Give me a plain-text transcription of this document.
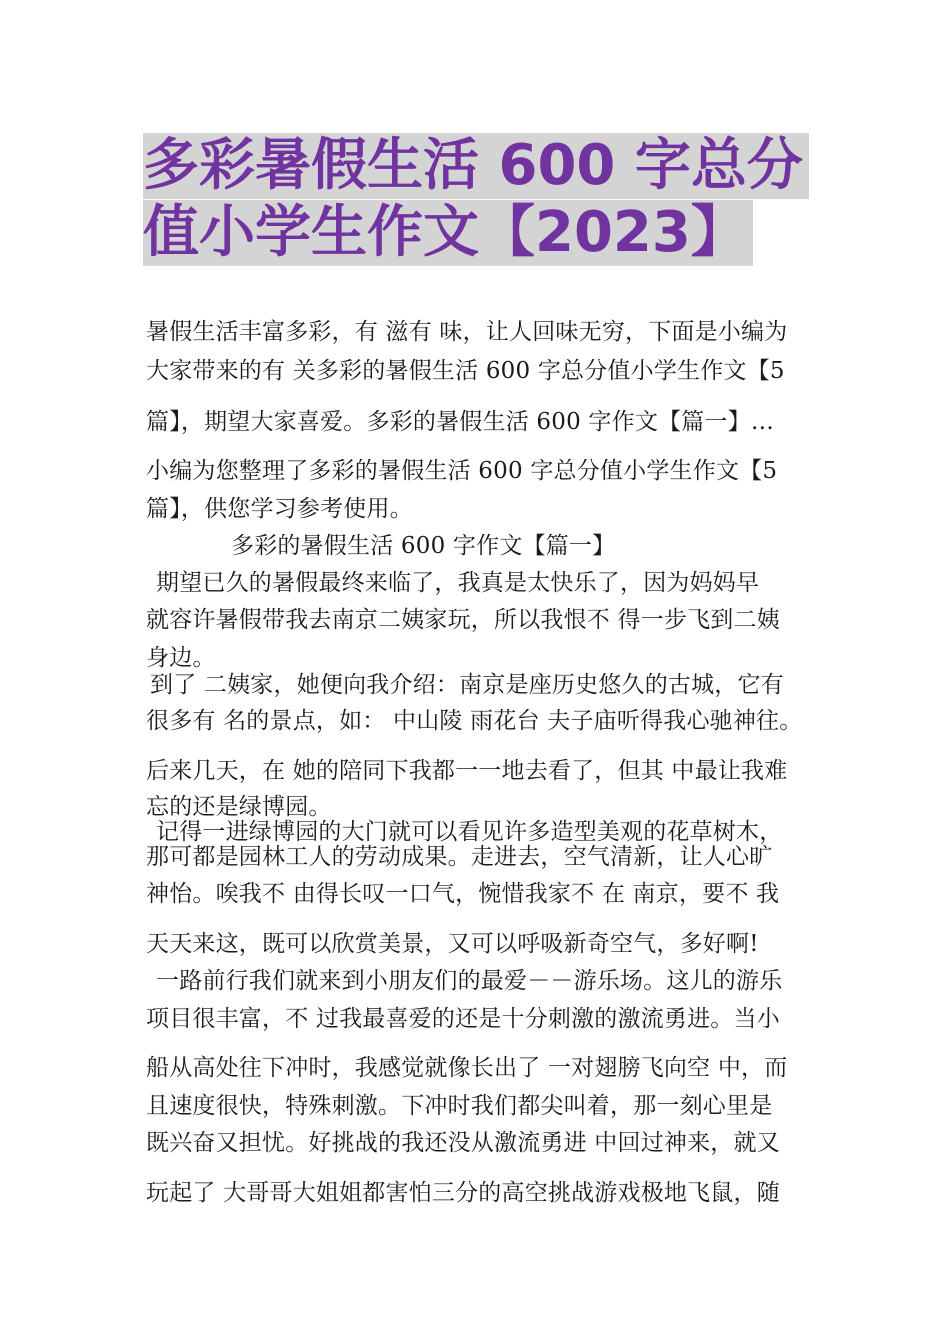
多彩暑假生活 600 字总分
值小学生作文【2023】
暑假生活丰富多彩，有 滋有 味，让人回味无穷，下面是小编为
大家带来的有 关多彩的暑假生活 600 字总分值小学生作文【5
篇】，期望大家喜爱。多彩的暑假生活 600 字作文【篇一】…
小编为您整理了多彩的暑假生活 600 字总分值小学生作文【5
篇】，供您学习参考使用。
多彩的暑假生活 600 字作文【篇一】
期望已久的暑假最终来临了，我真是太快乐了，因为妈妈早
就容许暑假带我去南京二姨家玩，所以我恨不 得一步飞到二姨
身边。
到了 二姨家，她便向我介绍：南京是座历史悠久的古城，它有
很多有 名的景点，如： 中山陵 雨花台 夫子庙听得我心驰神往。
后来几天，在 她的陪同下我都一一地去看了，但其 中最让我难
忘的还是绿博园。
记得一进绿博园的大门就可以看见许多造型美观的花草树木，
那可都是园林工人的劳动成果。走进去，空气清新，让人心旷
神怡。唉我不 由得长叹一口气，惋惜我家不 在 南京，要不 我
天天来这，既可以欣赏美景，又可以呼吸新奇空气，多好啊!
一路前行我们就来到小朋友们的最爱－－游乐场。这儿的游乐
项目很丰富，不 过我最喜爱的还是十分刺激的激流勇进。当小
船从高处往下冲时，我感觉就像长出了 一对翅膀飞向空 中，而
且速度很快，特殊刺激。下冲时我们都尖叫着，那一刻心里是
既兴奋又担忧。好挑战的我还没从激流勇进 中回过神来，就又
玩起了 大哥哥大姐姐都害怕三分的高空挑战游戏极地飞鼠，随
